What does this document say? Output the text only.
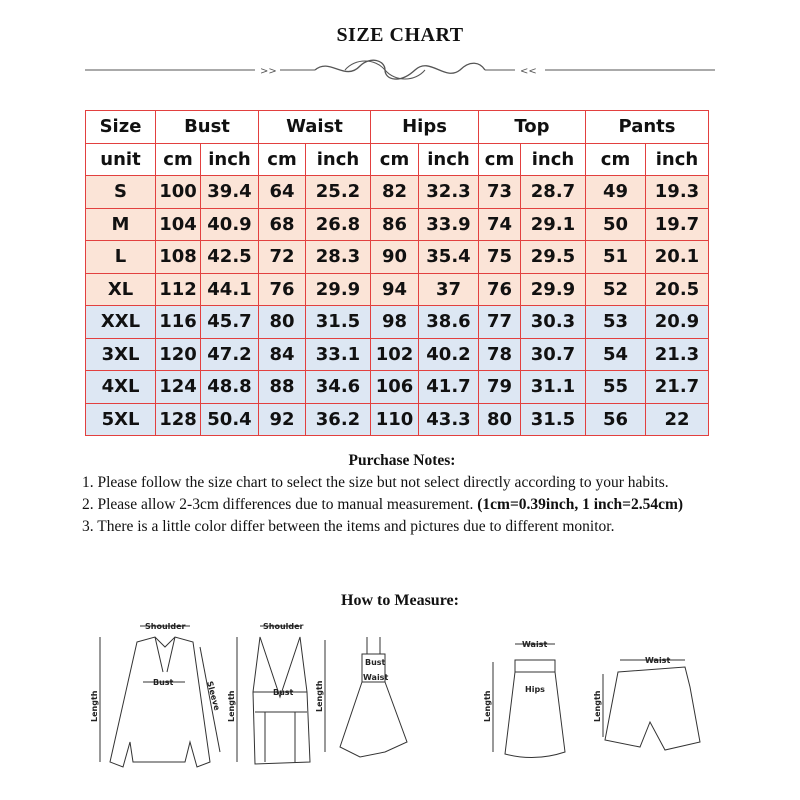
SIZE CHART
>>	<<
Size	Bust		Waist		Hips		Top		Pants	
unit	cm	inch	cm	inch	cm	inch	cm	inch	cm	inch
S	100	39.4	64	25.2	82	32.3	73	28.7	49	19.3
M	104	40.9	68	26.8	86	33.9	74	29.1	50	19.7
L	108	42.5	72	28.3	90	35.4	75	29.5	51	20.1
XL	112	44.1	76	29.9	94	37	76	29.9	52	20.5
XXL	116	45.7	80	31.5	98	38.6	77	30.3	53	20.9
3XL	120	47.2	84	33.1	102	40.2	78	30.7	54	21.3
4XL	124	48.8	88	34.6	106	41.7	79	31.1	55	21.7
5XL	128	50.4	92	36.2	110	43.3	80	31.5	56	22
Purchase Notes:

1. Please follow the size chart to select the size but not select directly according to your habits.

2. Please allow 2-3cm differences due to manual measurement. (1cm=0.39inch, 1 inch=2.54cm)

3. There is a little color differ between the items and pictures due to different monitor.

How to Measure:
Shoulder
Bust
Length	Sleeve
Shoulder
Bust
Length
Bust
Waist
Length
Waist
Hips
Length
Waist
Length
